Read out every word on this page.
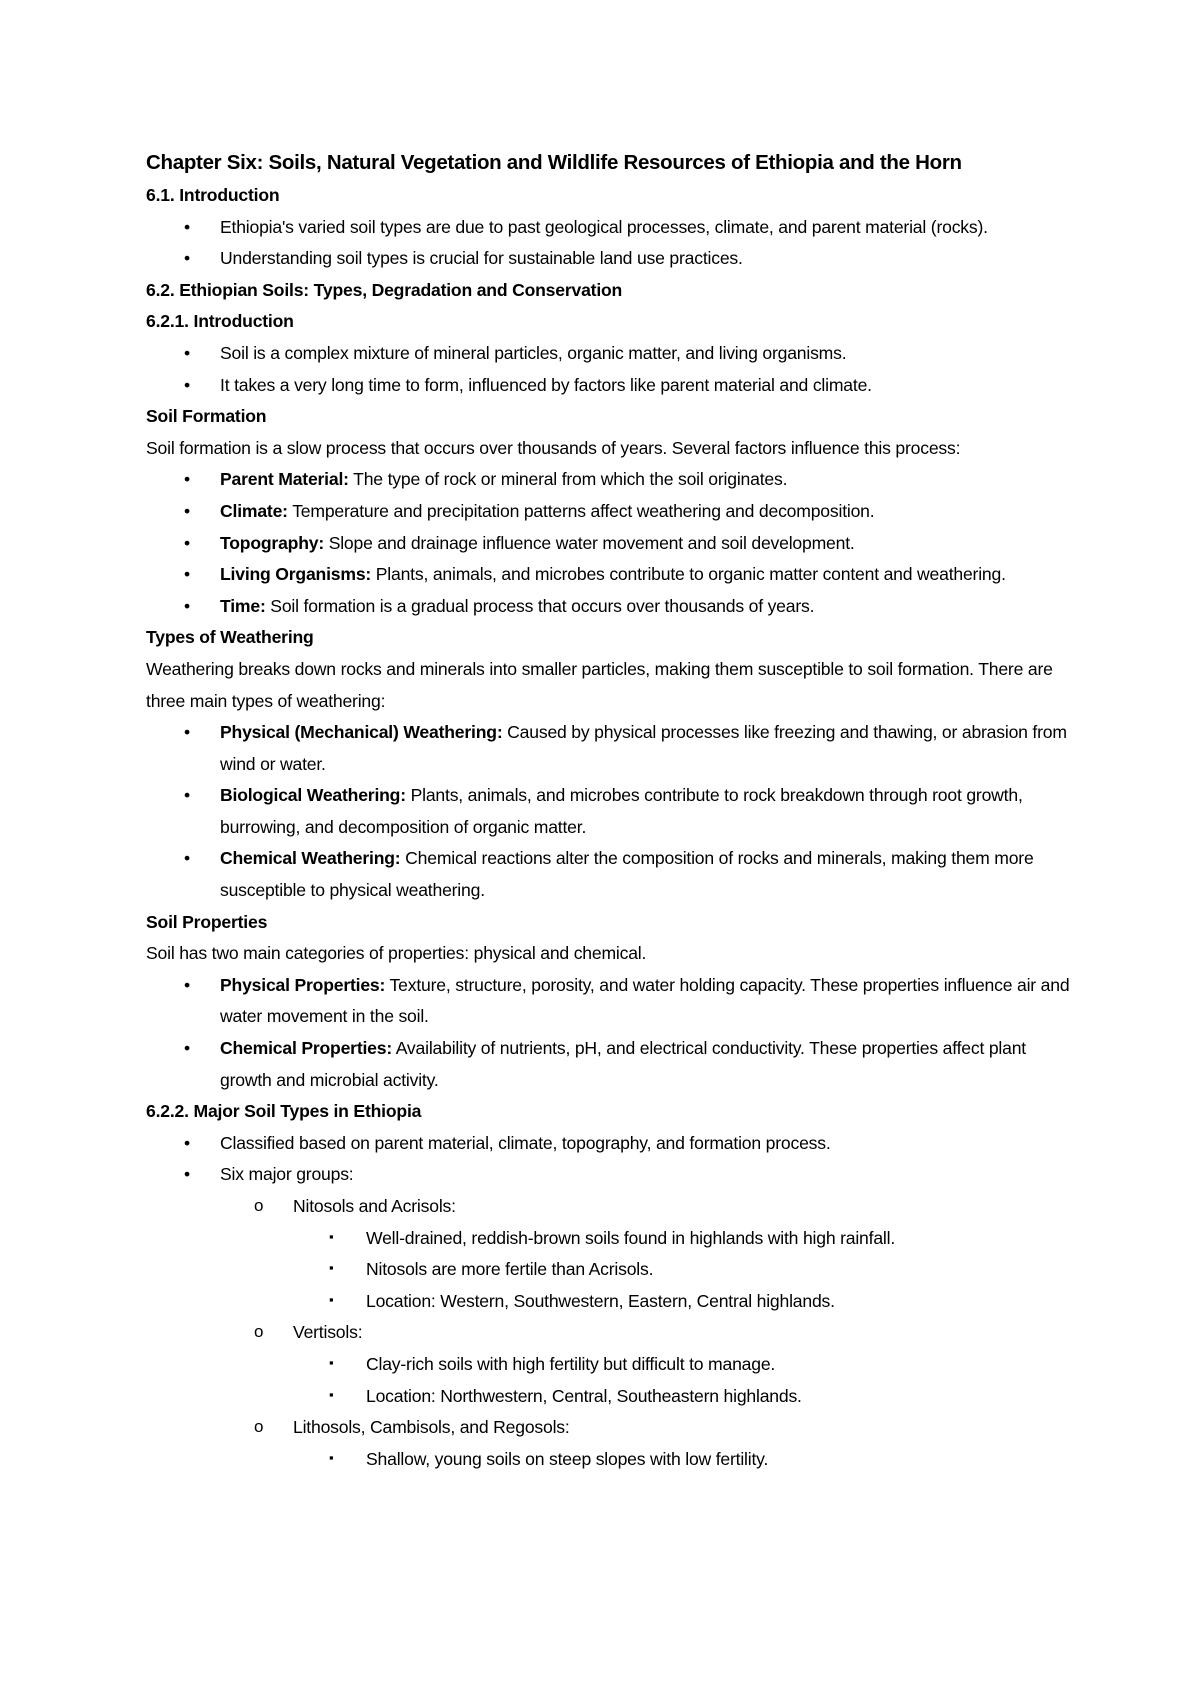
Chapter Six: Soils, Natural Vegetation and Wildlife Resources of Ethiopia and the Horn

6.1. Introduction

• Ethiopia's varied soil types are due to past geological processes, climate, and parent material (rocks).
• Understanding soil types is crucial for sustainable land use practices.

6.2. Ethiopian Soils: Types, Degradation and Conservation

6.2.1. Introduction

• Soil is a complex mixture of mineral particles, organic matter, and living organisms.
• It takes a very long time to form, influenced by factors like parent material and climate.

Soil Formation

Soil formation is a slow process that occurs over thousands of years. Several factors influence this process:

• Parent Material: The type of rock or mineral from which the soil originates.
• Climate: Temperature and precipitation patterns affect weathering and decomposition.
• Topography: Slope and drainage influence water movement and soil development.
• Living Organisms: Plants, animals, and microbes contribute to organic matter content and weathering.
• Time: Soil formation is a gradual process that occurs over thousands of years.

Types of Weathering

Weathering breaks down rocks and minerals into smaller particles, making them susceptible to soil formation. There are three main types of weathering:

• Physical (Mechanical) Weathering: Caused by physical processes like freezing and thawing, or abrasion from wind or water.
• Biological Weathering: Plants, animals, and microbes contribute to rock breakdown through root growth, burrowing, and decomposition of organic matter.
• Chemical Weathering: Chemical reactions alter the composition of rocks and minerals, making them more susceptible to physical weathering.

Soil Properties

Soil has two main categories of properties: physical and chemical.

• Physical Properties: Texture, structure, porosity, and water holding capacity. These properties influence air and water movement in the soil.
• Chemical Properties: Availability of nutrients, pH, and electrical conductivity. These properties affect plant growth and microbial activity.

6.2.2. Major Soil Types in Ethiopia

• Classified based on parent material, climate, topography, and formation process.
• Six major groups:
o Nitosols and Acrisols:
▪ Well-drained, reddish-brown soils found in highlands with high rainfall.
▪ Nitosols are more fertile than Acrisols.
▪ Location: Western, Southwestern, Eastern, Central highlands.
o Vertisols:
▪ Clay-rich soils with high fertility but difficult to manage.
▪ Location: Northwestern, Central, Southeastern highlands.
o Lithosols, Cambisols, and Regosols:
▪ Shallow, young soils on steep slopes with low fertility.
